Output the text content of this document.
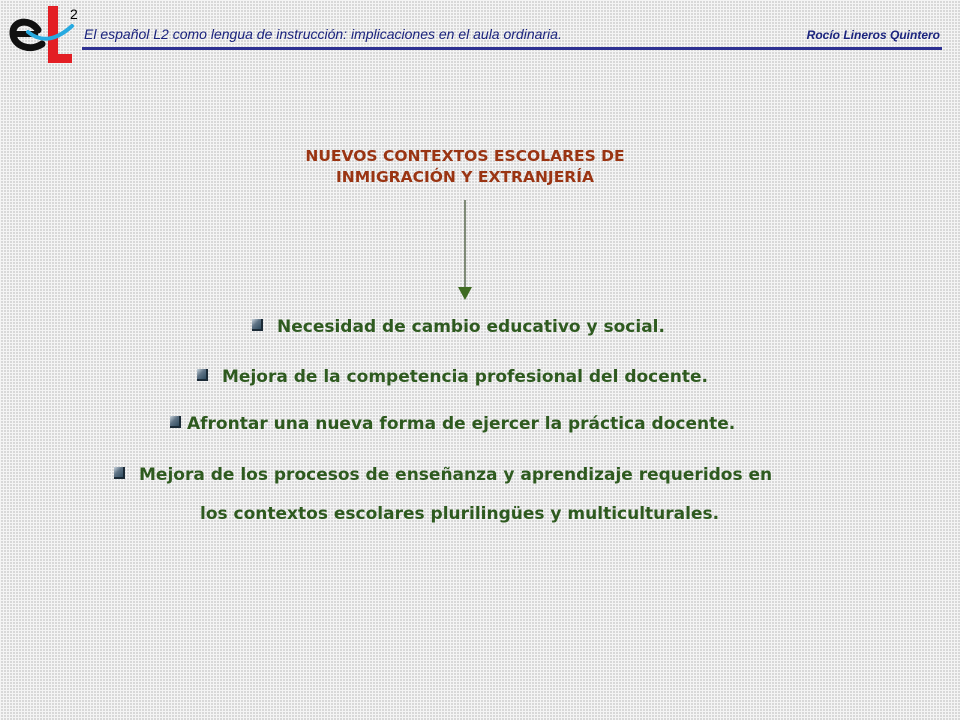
2
El español L2 como lengua de instrucción: implicaciones en el aula ordinaria.	Rocío Lineros Quintero
NUEVOS CONTEXTOS ESCOLARES DE
INMIGRACIÓN Y EXTRANJERÍA
Necesidad de cambio educativo y social.
Mejora de la competencia profesional del docente.
Afrontar una nueva forma de ejercer la práctica docente.
Mejora de los procesos de enseñanza y aprendizaje requeridos en
los contextos escolares plurilingües y multiculturales.
